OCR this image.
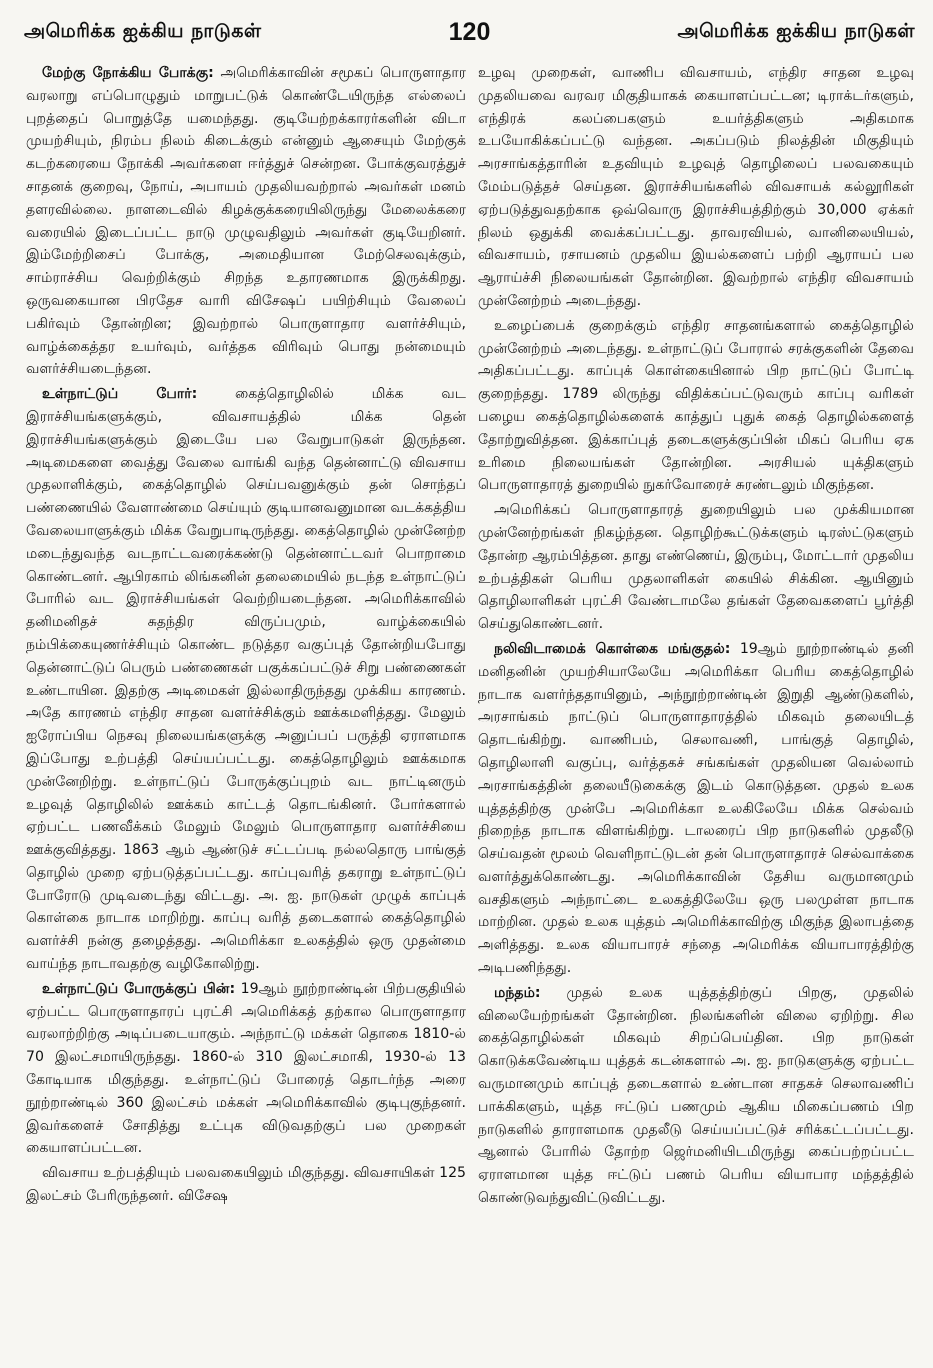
அமெரிக்க ஐக்கிய நாடுகள்	120	அமெரிக்க ஐக்கிய நாடுகள்

மேற்கு நோக்கிய போக்கு: அமெரிக்காவின் சமூகப் பொருளாதார வரலாறு எப்பொழுதும் மாறுபட்டுக் கொண்டேயிருந்த எல்லைப் புறத்தைப் பொறுத்தே யமைந்தது. குடியேற்றக்காரர்களின் விடா முயற்சியும், நிரம்ப நிலம் கிடைக்கும் என்னும் ஆசையும் மேற்குக் கடற்கரையை நோக்கி அவர்களை ஈர்த்துச் சென்றன. போக்குவரத்துச் சாதனக் குறைவு, நோய், அபாயம் முதலியவற்றால் அவர்கள் மனம் தளரவில்லை. நாளடைவில் கிழக்குக்கரையிலிருந்து மேலைக்கரை வரையில் இடைப்பட்ட நாடு முழுவதிலும் அவர்கள் குடியேறினர். இம்மேற்றிசைப் போக்கு, அமைதியான மேற்செலவுக்கும், சாம்ராச்சிய வெற்றிக்கும் சிறந்த உதாரணமாக இருக்கிறது. ஒருவகையான பிரதேச வாரி விசேஷப் பயிற்சியும் வேலைப் பகிர்வும் தோன்றின; இவற்றால் பொருளாதார வளர்ச்சியும், வாழ்க்கைத்தர உயர்வும், வர்த்தக விரிவும் பொது நன்மையும் வளர்ச்சியடைந்தன.

உள்நாட்டுப் போர்:	கைத்தொழிலில் மிக்க வட இராச்சியங்களுக்கும், விவசாயத்தில் மிக்க தென் இராச்சியங்களுக்கும் இடையே பல வேறுபாடுகள் இருந்தன. அடிமைகளை வைத்து வேலை வாங்கி வந்த தென்னாட்டு விவசாய முதலாளிக்கும், கைத்தொழில் செய்பவனுக்கும் தன் சொந்தப் பண்ணையில் வேளாண்மை செய்யும் குடியானவனுமான வடக்கத்திய வேலையாளுக்கும் மிக்க வேறுபாடிருந்தது. கைத்தொழில் முன்னேற்ற மடைந்துவந்த வடநாட்டவரைக்கண்டு தென்னாட்டவர் பொறாமை கொண்டனர். ஆபிரகாம் லிங்கனின் தலைமையில் நடந்த உள்நாட்டுப் போரில் வட இராச்சியங்கள் வெற்றியடைந்தன. அமெரிக்காவில் தனிமனிதச் சுதந்திர விருப்பமும், வாழ்க்கையில் நம்பிக்கையுணர்ச்சியும் கொண்ட நடுத்தர வகுப்புத் தோன்றியபோது தென்னாட்டுப் பெரும் பண்ணைகள் பகுக்கப்பட்டுச் சிறு பண்ணைகள் உண்டாயின. இதற்கு அடிமைகள் இல்லாதிருந்தது முக்கிய காரணம். அதே காரணம் எந்திர சாதன வளர்ச்சிக்கும் ஊக்கமளித்தது. மேலும் ஐரோப்பிய நெசவு நிலையங்களுக்கு அனுப்பப் பருத்தி ஏராளமாக இப்போது உற்பத்தி செய்யப்பட்டது. கைத்தொழிலும் ஊக்கமாக முன்னேறிற்று. உள்நாட்டுப் போருக்குப்புறம் வட நாட்டினரும் உழவுத் தொழிலில் ஊக்கம் காட்டத் தொடங்கினர். போர்களால் ஏற்பட்ட பணவீக்கம் மேலும் மேலும் பொருளாதார வளர்ச்சியை ஊக்குவித்தது. 1863 ஆம் ஆண்டுச் சட்டப்படி நல்லதொரு பாங்குத் தொழில் முறை ஏற்படுத்தப்பட்டது. காப்புவரித் தகராறு உள்நாட்டுப் போரோடு முடிவடைந்து விட்டது. அ. ஐ. நாடுகள் முழுக் காப்புக் கொள்கை நாடாக மாறிற்று. காப்பு வரித் தடைகளால் கைத்தொழில் வளர்ச்சி நன்கு தழைத்தது. அமெரிக்கா உலகத்தில் ஒரு முதன்மை வாய்ந்த நாடாவதற்கு வழிகோலிற்று.

உள்நாட்டுப் போருக்குப் பின்: 19ஆம் நூற்றாண்டின் பிற்பகுதியில் ஏற்பட்ட பொருளாதாரப் புரட்சி அமெரிக்கத் தற்கால பொருளாதார வரலாற்றிற்கு அடிப்படையாகும். அந்நாட்டு மக்கள் தொகை 1810-ல் 70 இலட்சமாயிருந்தது. 1860-ல் 310 இலட்சமாகி, 1930-ல் 13 கோடியாக மிகுந்தது. உள்நாட்டுப் போரைத் தொடர்ந்த அரை நூற்றாண்டில் 360 இலட்சம் மக்கள் அமெரிக்காவில் குடிபுகுந்தனர். இவர்களைச் சோதித்து உட்புக விடுவதற்குப் பல முறைகள் கையாளப்பட்டன.

விவசாய உற்பத்தியும் பலவகையிலும் மிகுந்தது. விவசாயிகள் 125 இலட்சம் பேரிருந்தனர். விசேஷ

உழவு முறைகள், வாணிப விவசாயம், எந்திர சாதன உழவு முதலியவை வரவர மிகுதியாகக் கையாளப்பட்டன; டிராக்டர்களும், எந்திரக் கலப்பைகளும் உயர்த்திகளும் அதிகமாக உபயோகிக்கப்பட்டு வந்தன. அகப்படும் நிலத்தின் மிகுதியும் அரசாங்கத்தாரின் உதவியும் உழவுத் தொழிலைப் பலவகையும் மேம்படுத்தச் செய்தன. இராச்சியங்களில் விவசாயக் கல்லூரிகள் ஏற்படுத்துவதற்காக ஒவ்வொரு இராச்சியத்திற்கும் 30,000 ஏக்கர் நிலம் ஒதுக்கி வைக்கப்பட்டது. தாவரவியல், வானிலையியல், விவசாயம், ரசாயனம் முதலிய இயல்களைப் பற்றி ஆராயப் பல ஆராய்ச்சி நிலையங்கள் தோன்றின. இவற்றால் எந்திர விவசாயம் முன்னேற்றம் அடைந்தது.

உழைப்பைக் குறைக்கும் எந்திர சாதனங்களால் கைத்தொழில் முன்னேற்றம் அடைந்தது. உள்நாட்டுப் போரால் சரக்குகளின் தேவை அதிகப்பட்டது. காப்புக் கொள்கையினால் பிற நாட்டுப் போட்டி குறைந்தது. 1789 லிருந்து விதிக்கப்பட்டுவரும் காப்பு வரிகள் பழைய கைத்தொழில்களைக் காத்துப் புதுக் கைத் தொழில்களைத் தோற்றுவித்தன. இக்காப்புத் தடைகளுக்குப்பின் மிகப் பெரிய ஏக உரிமை நிலையங்கள் தோன்றின. அரசியல் யுக்திகளும் பொருளாதாரத் துறையில் நுகர்வோரைச் சுரண்டலும் மிகுந்தன.

அமெரிக்கப் பொருளாதாரத் துறையிலும் பல முக்கியமான முன்னேற்றங்கள் நிகழ்ந்தன. தொழிற்கூட்டுக்களும் டிரஸ்ட்டுகளும் தோன்ற ஆரம்பித்தன. தாது எண்ணெய், இரும்பு, மோட்டார் முதலிய உற்பத்திகள் பெரிய முதலாளிகள் கையில் சிக்கின. ஆயினும் தொழிலாளிகள் புரட்சி வேண்டாமலே தங்கள் தேவைகளைப் பூர்த்தி செய்துகொண்டனர்.

நலிவிடாமைக் கொள்கை மங்குதல்: 19ஆம் நூற்றாண்டில் தனி மனிதனின் முயற்சியாலேயே அமெரிக்கா பெரிய கைத்தொழில் நாடாக வளர்ந்ததாயினும், அந்நூற்றாண்டின் இறுதி ஆண்டுகளில், அரசாங்கம் நாட்டுப் பொருளாதாரத்தில் மிகவும் தலையிடத் தொடங்கிற்று. வாணிபம், செலாவணி, பாங்குத் தொழில், தொழிலாளி வகுப்பு, வர்த்தகச் சங்கங்கள் முதலியன வெல்லாம் அரசாங்கத்தின் தலையீடுகைக்கு இடம் கொடுத்தன. முதல் உலக யுத்தத்திற்கு முன்பே அமெரிக்கா உலகிலேயே மிக்க செல்வம் நிறைந்த நாடாக விளங்கிற்று. டாலரைப் பிற நாடுகளில் முதலீடு செய்வதன் மூலம் வெளிநாட்டுடன் தன் பொருளாதாரச் செல்வாக்கை வளர்த்துக்கொண்டது. அமெரிக்காவின் தேசிய வருமானமும் வசதிகளும் அந்நாட்டை உலகத்திலேயே ஒரு பலமுள்ள நாடாக மாற்றின. முதல் உலக யுத்தம் அமெரிக்காவிற்கு மிகுந்த இலாபத்தை அளித்தது. உலக வியாபாரச் சந்தை அமெரிக்க வியாபாரத்திற்கு அடிபணிந்தது.

மந்தம்: முதல் உலக யுத்தத்திற்குப் பிறகு, முதலில் விலையேற்றங்கள் தோன்றின. நிலங்களின் விலை ஏறிற்று. சில கைத்தொழில்கள் மிகவும் சிறப்பெய்தின. பிற நாடுகள் கொடுக்கவேண்டிய யுத்தக் கடன்களால் அ. ஐ. நாடுகளுக்கு ஏற்பட்ட வருமானமும் காப்புத் தடைகளால் உண்டான சாதகச் செலாவணிப் பாக்கிகளும், யுத்த ஈட்டுப் பணமும் ஆகிய மிகைப்பணம் பிற நாடுகளில் தாராளமாக முதலீடு செய்யப்பட்டுச் சரிக்கட்டப்பட்டது. ஆனால் போரில் தோற்ற ஜெர்மனியிடமிருந்து கைப்பற்றப்பட்ட ஏராளமான யுத்த ஈட்டுப் பணம் பெரிய வியாபார மந்தத்தில் கொண்டுவந்துவிட்டுவிட்டது.
